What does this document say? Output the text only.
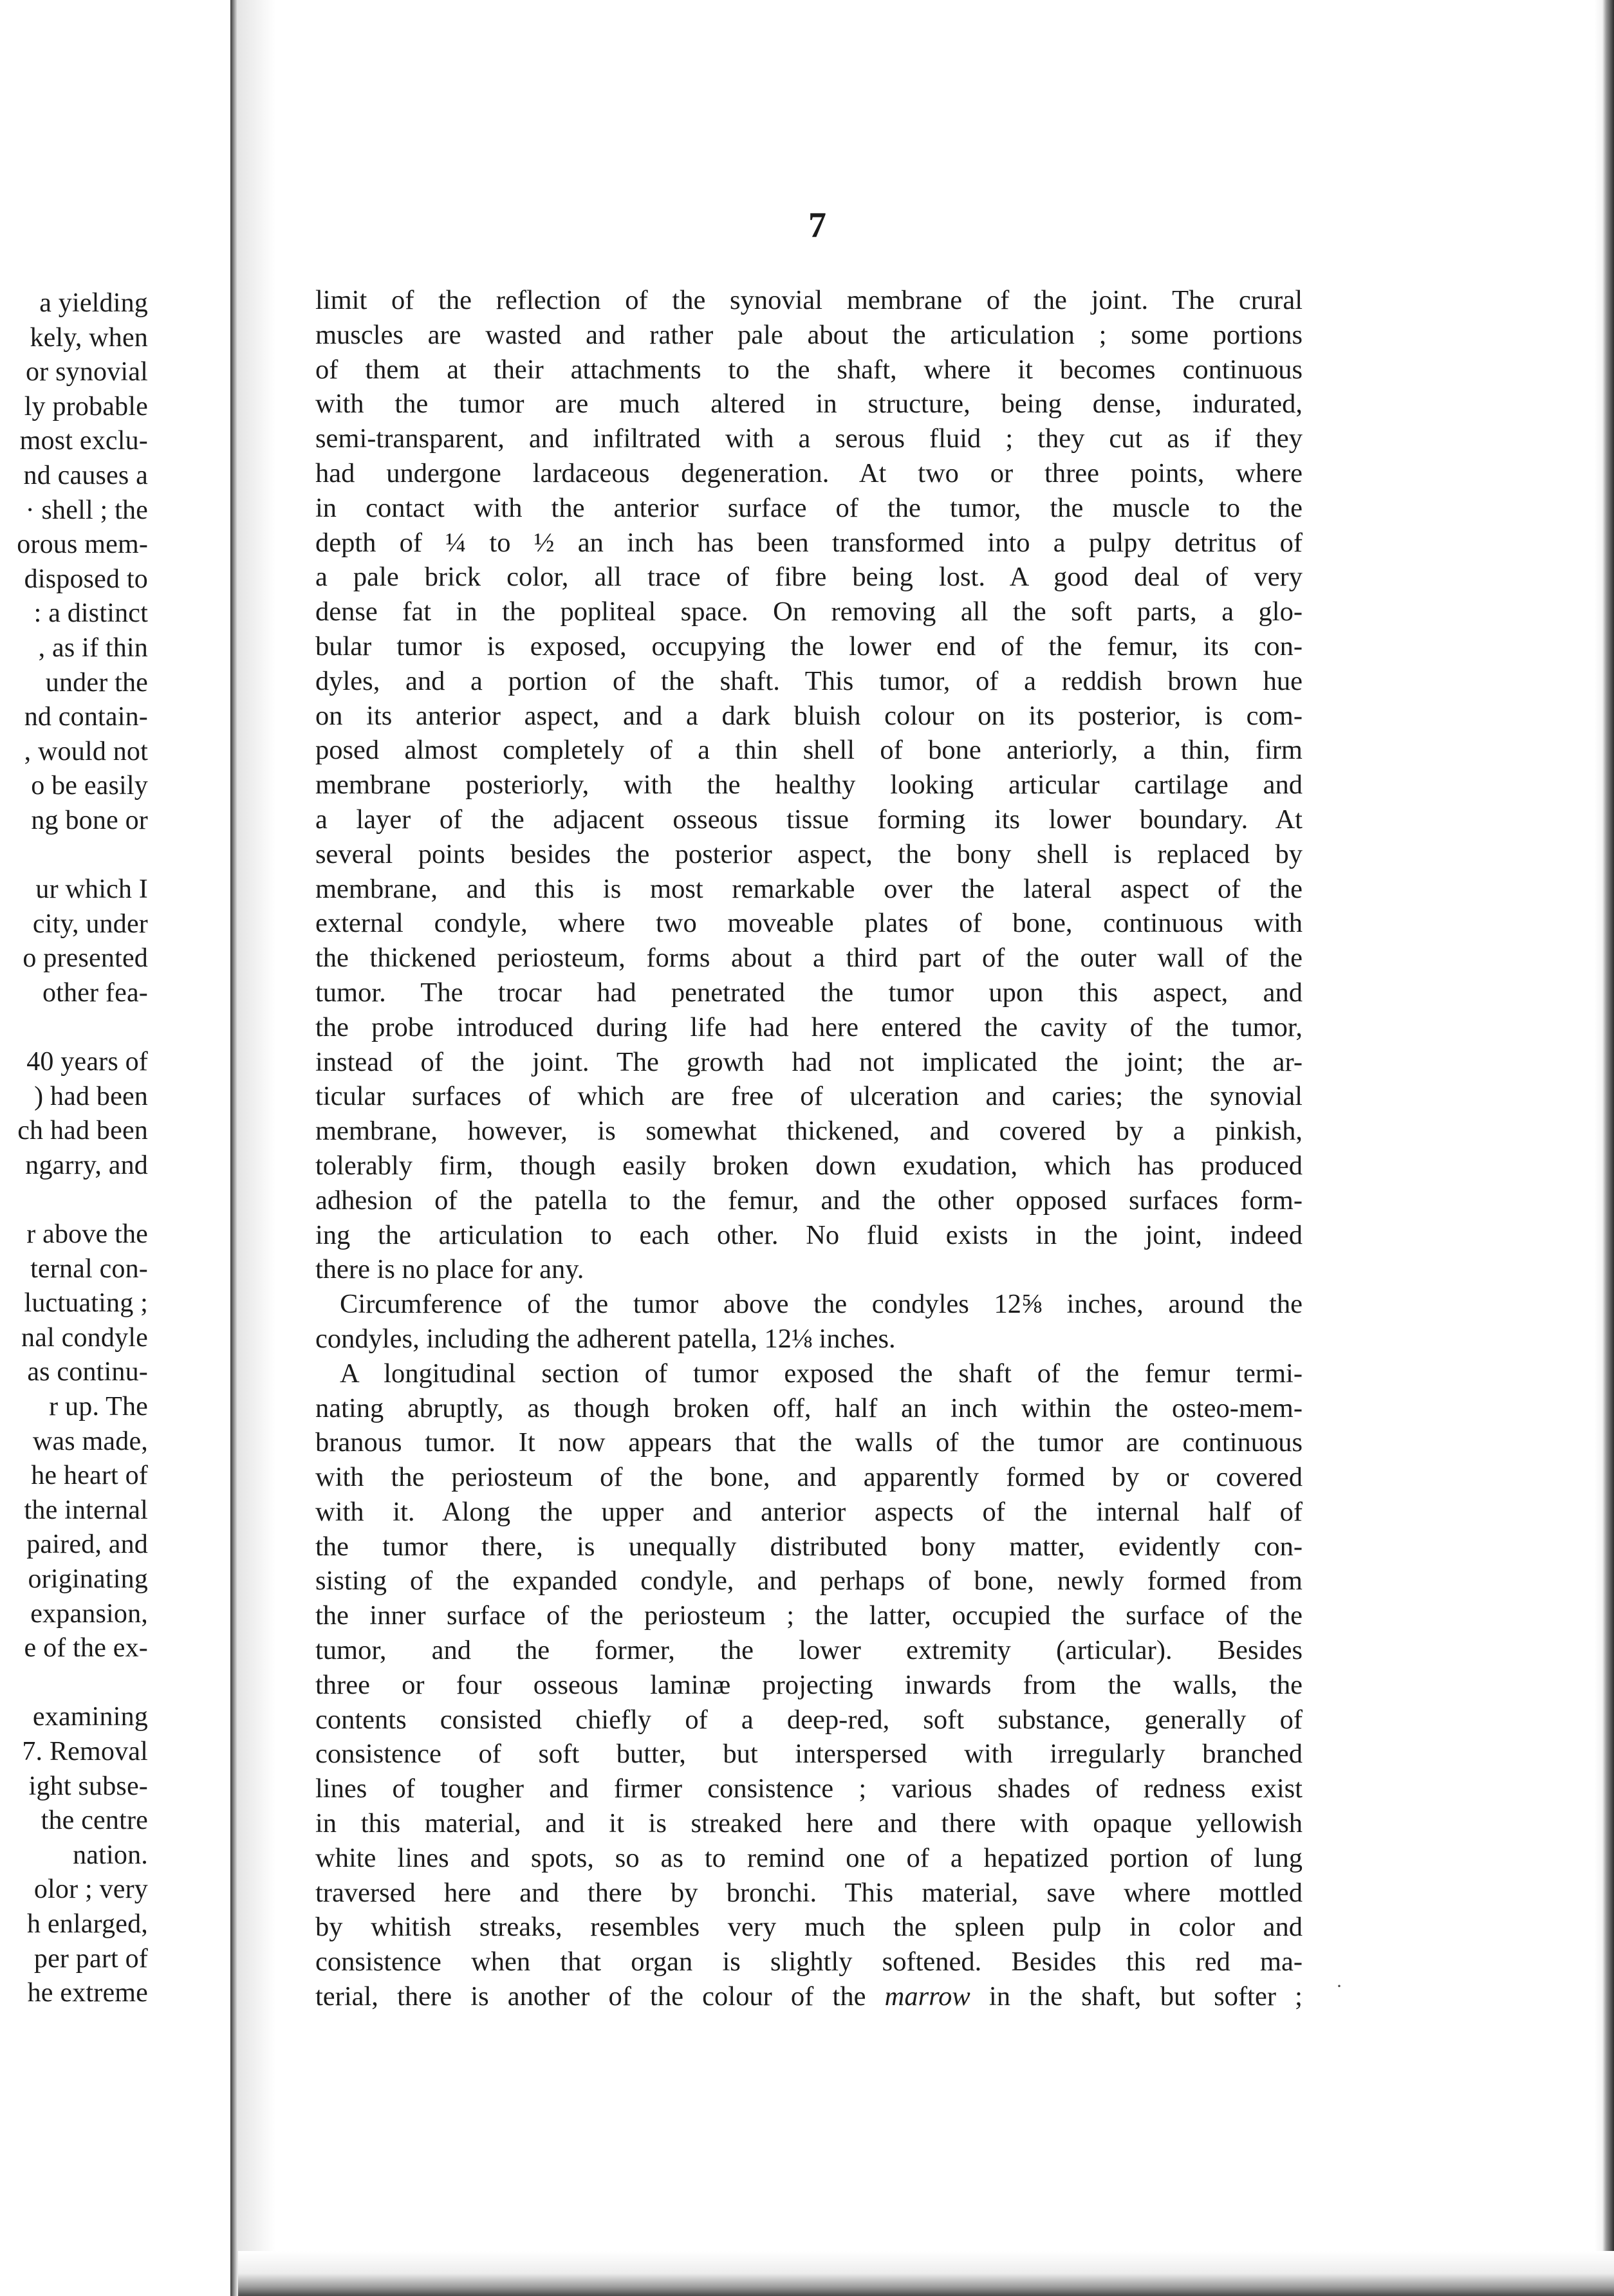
a yielding
kely, when
or synovial
ly probable
most exclu-
nd causes a
· shell ; the
orous mem-
disposed to
: a distinct
, as if thin
under the
nd contain-
, would not
o be easily
ng bone or
ur which I
city, under
o presented
other fea-
40 years of
) had been
ch had been
ngarry, and
r above the
ternal con-
luctuating ;
nal condyle
as continu-
r up. The
was made,
he heart of
the internal
paired, and
originating
expansion,
e of the ex-
examining
7. Removal
ight subse-
the centre
nation.
olor ; very
h enlarged,
per part of
he extreme
7
limit of the reflection of the synovial membrane of the joint. The crural
muscles are wasted and rather pale about the articulation ; some portions
of them at their attachments to the shaft, where it becomes continuous
with the tumor are much altered in structure, being dense, indurated,
semi-transparent, and infiltrated with a serous fluid ; they cut as if they
had undergone lardaceous degeneration. At two or three points, where
in contact with the anterior surface of the tumor, the muscle to the
depth of ¼ to ½ an inch has been transformed into a pulpy detritus of
a pale brick color, all trace of fibre being lost. A good deal of very
dense fat in the popliteal space. On removing all the soft parts, a glo-
bular tumor is exposed, occupying the lower end of the femur, its con-
dyles, and a portion of the shaft. This tumor, of a reddish brown hue
on its anterior aspect, and a dark bluish colour on its posterior, is com-
posed almost completely of a thin shell of bone anteriorly, a thin, firm
membrane posteriorly, with the healthy looking articular cartilage and
a layer of the adjacent osseous tissue forming its lower boundary. At
several points besides the posterior aspect, the bony shell is replaced by
membrane, and this is most remarkable over the lateral aspect of the
external condyle, where two moveable plates of bone, continuous with
the thickened periosteum, forms about a third part of the outer wall of the
tumor. The trocar had penetrated the tumor upon this aspect, and
the probe introduced during life had here entered the cavity of the tumor,
instead of the joint. The growth had not implicated the joint; the ar-
ticular surfaces of which are free of ulceration and caries; the synovial
membrane, however, is somewhat thickened, and covered by a pinkish,
tolerably firm, though easily broken down exudation, which has produced
adhesion of the patella to the femur, and the other opposed surfaces form-
ing the articulation to each other. No fluid exists in the joint, indeed
there is no place for any.
Circumference of the tumor above the condyles 12⅝ inches, around the
condyles, including the adherent patella, 12⅛ inches.
A longitudinal section of tumor exposed the shaft of the femur termi-
nating abruptly, as though broken off, half an inch within the osteo-mem-
branous tumor. It now appears that the walls of the tumor are continuous
with the periosteum of the bone, and apparently formed by or covered
with it. Along the upper and anterior aspects of the internal half of
the tumor there, is unequally distributed bony matter, evidently con-
sisting of the expanded condyle, and perhaps of bone, newly formed from
the inner surface of the periosteum ; the latter, occupied the surface of the
tumor, and the former, the lower extremity (articular). Besides
three or four osseous laminæ projecting inwards from the walls, the
contents consisted chiefly of a deep-red, soft substance, generally of
consistence of soft butter, but interspersed with irregularly branched
lines of tougher and firmer consistence ; various shades of redness exist
in this material, and it is streaked here and there with opaque yellowish
white lines and spots, so as to remind one of a hepatized portion of lung
traversed here and there by bronchi. This material, save where mottled
by whitish streaks, resembles very much the spleen pulp in color and
consistence when that organ is slightly softened. Besides this red ma-
terial, there is another of the colour of the marrow in the shaft, but softer ; ·
